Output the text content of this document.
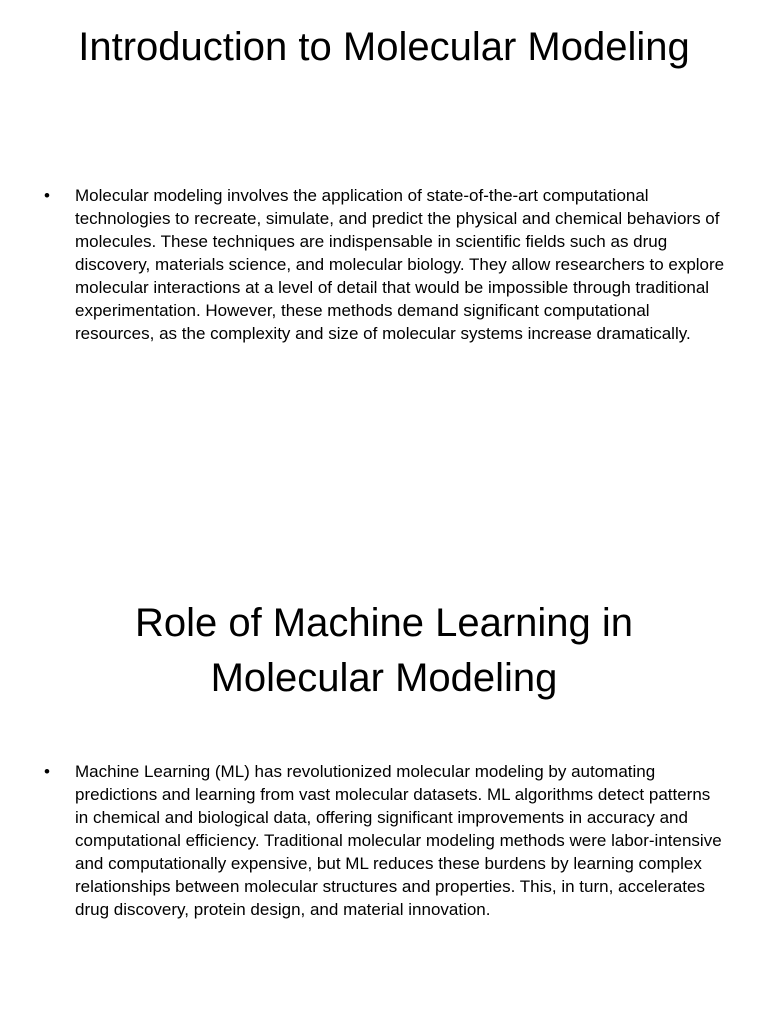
Introduction to Molecular Modeling
• Molecular modeling involves the application of state-of-the-art computational technologies to recreate, simulate, and predict the physical and chemical behaviors of molecules. These techniques are indispensable in scientific fields such as drug discovery, materials science, and molecular biology. They allow researchers to explore molecular interactions at a level of detail that would be impossible through traditional experimentation. However, these methods demand significant computational resources, as the complexity and size of molecular systems increase dramatically.
Role of Machine Learning in Molecular Modeling
• Machine Learning (ML) has revolutionized molecular modeling by automating predictions and learning from vast molecular datasets. ML algorithms detect patterns in chemical and biological data, offering significant improvements in accuracy and computational efficiency. Traditional molecular modeling methods were labor-intensive and computationally expensive, but ML reduces these burdens by learning complex relationships between molecular structures and properties. This, in turn, accelerates drug discovery, protein design, and material innovation.
